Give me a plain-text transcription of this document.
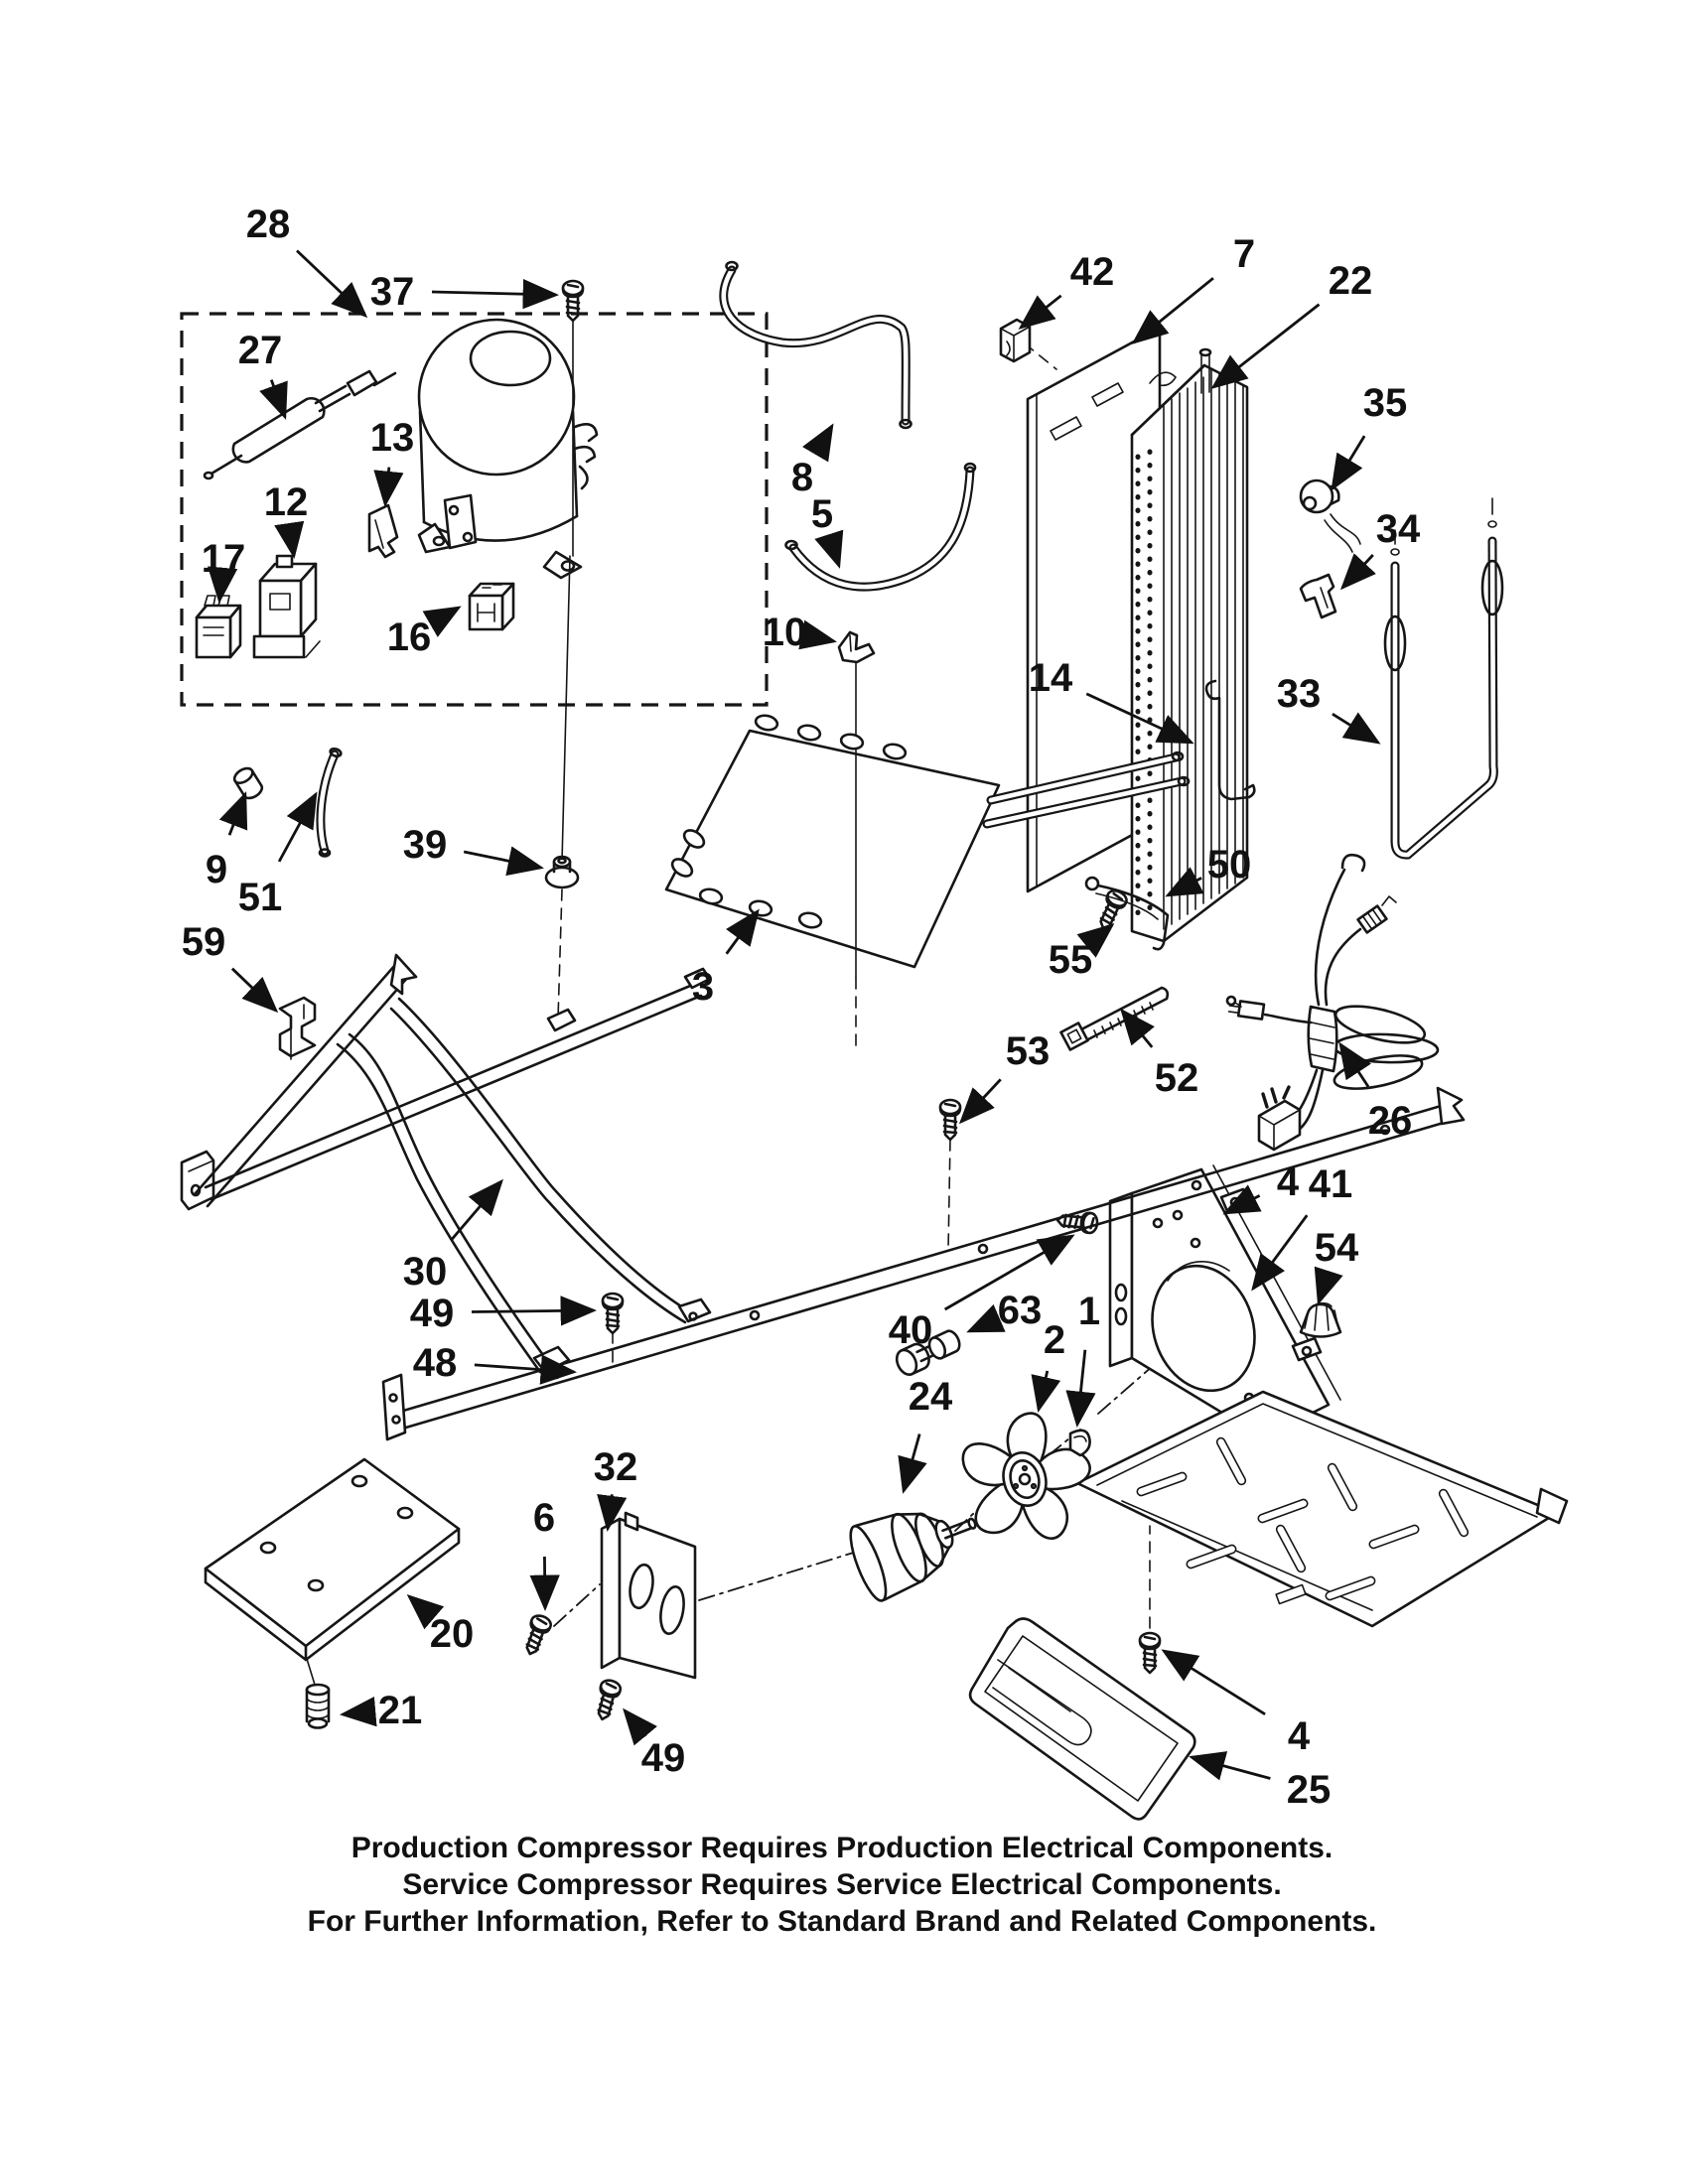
28
37
27
13
12
17
16
42	7
22
8
5
35
34
10
14	33
9
51
39
3
50
55
59
53
52
26
30
49
48
40 63
2
1
24
4 41
54
32
6
20
21
49	4
25
Production Compressor Requires Production Electrical Components.
Service Compressor Requires Service Electrical Components.
For Further Information, Refer to Standard Brand and Related Components.
